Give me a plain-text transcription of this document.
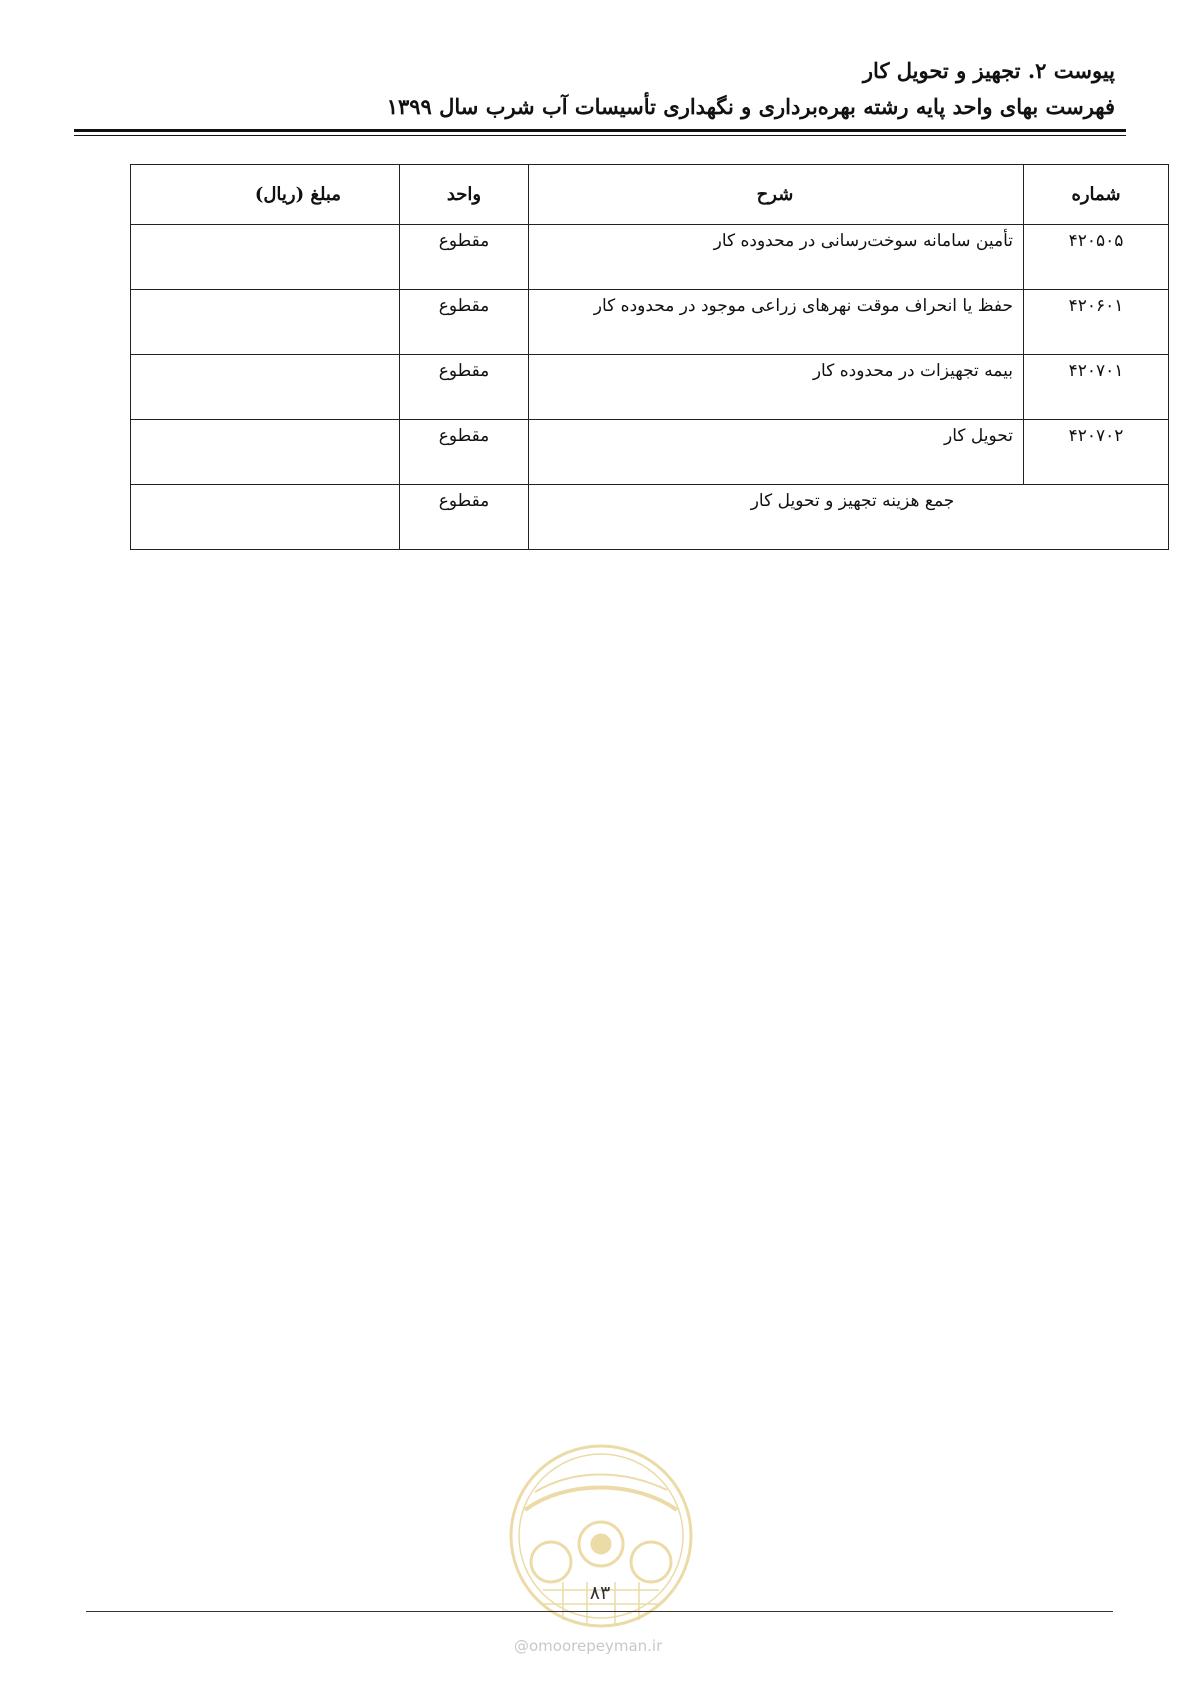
پیوست ۲. تجهیز و تحویل کار
فهرست بهای واحد پایه رشته بهره‌برداری و نگهداری تأسیسات آب شرب سال ۱۳۹۹
شماره	شرح	واحد	مبلغ (ریال)
۴۲۰۵۰۵	تأمین سامانه سوخت‌رسانی در محدوده کار	مقطوع	
۴۲۰۶۰۱	حفظ یا انحراف موقت نهرهای زراعی موجود در محدوده کار	مقطوع	
۴۲۰۷۰۱	بیمه تجهیزات در محدوده کار	مقطوع	
۴۲۰۷۰۲	تحویل کار	مقطوع	
جمع هزینه تجهیز و تحویل کار		مقطوع	

۸۳

@omoorepeyman.ir
